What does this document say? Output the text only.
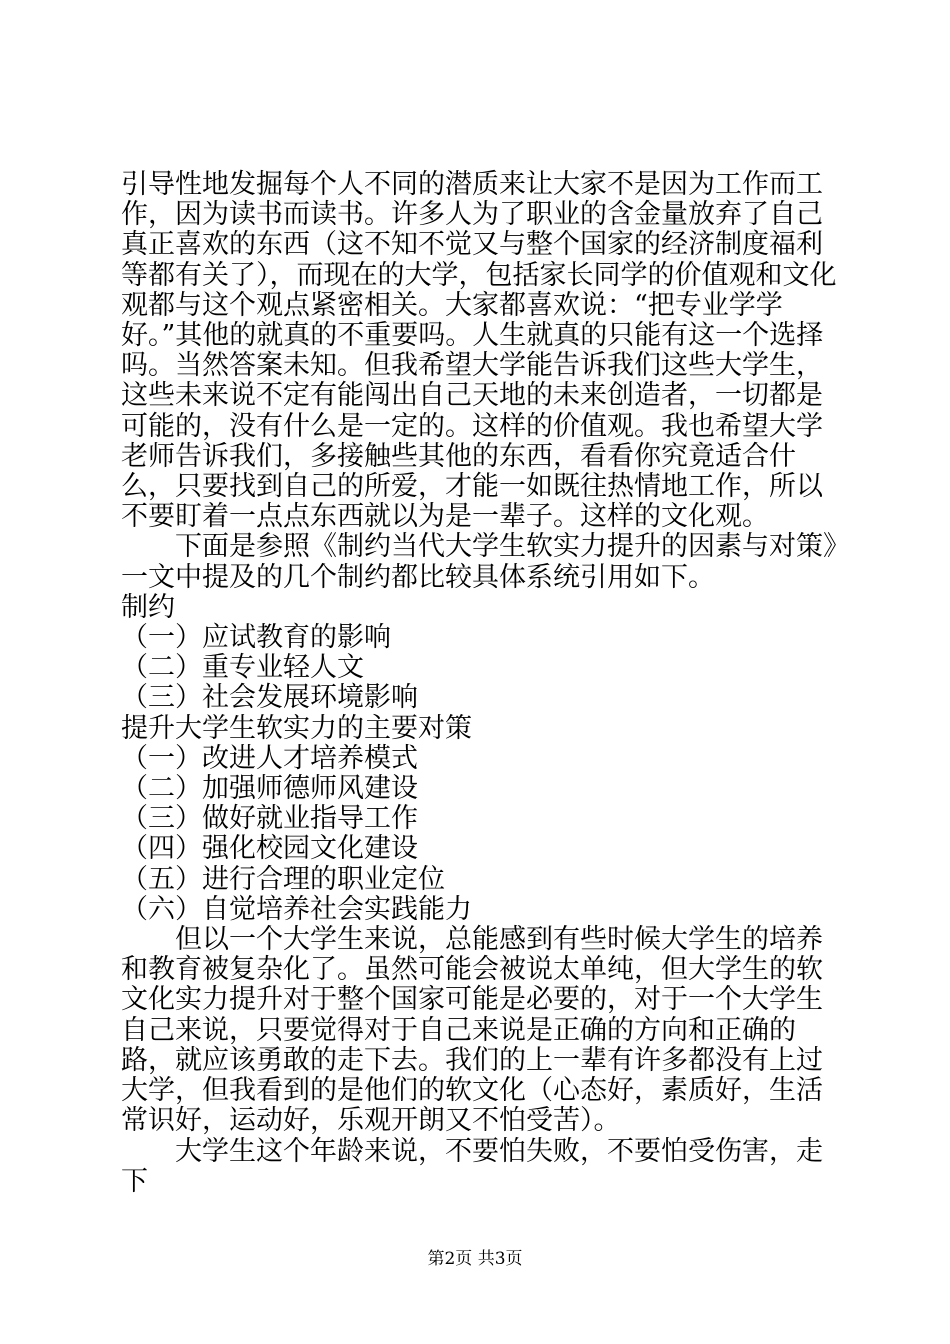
引导性地发掘每个人不同的潜质来让大家不是因为工作而工作，因为读书而读书。许多人为了职业的含金量放弃了自己真正喜欢的东西（这不知不觉又与整个国家的经济制度福利等都有关了），而现在的大学，包括家长同学的价值观和文化观都与这个观点紧密相关。大家都喜欢说：“把专业学学好。”其他的就真的不重要吗。人生就真的只能有这一个选择吗。当然答案未知。但我希望大学能告诉我们这些大学生，这些未来说不定有能闯出自己天地的未来创造者，一切都是可能的，没有什么是一定的。这样的价值观。我也希望大学老师告诉我们，多接触些其他的东西，看看你究竟适合什么，只要找到自己的所爱，才能一如既往热情地工作，所以不要盯着一点点东西就以为是一辈子。这样的文化观。

下面是参照《制约当代大学生软实力提升的因素与对策》一文中提及的几个制约都比较具体系统引用如下。

制约

（一）应试教育的影响

（二）重专业轻人文

（三）社会发展环境影响

提升大学生软实力的主要对策

（一）改进人才培养模式

（二）加强师德师风建设

（三）做好就业指导工作

（四）强化校园文化建设

（五）进行合理的职业定位

（六）自觉培养社会实践能力

但以一个大学生来说，总能感到有些时候大学生的培养和教育被复杂化了。虽然可能会被说太单纯，但大学生的软文化实力提升对于整个国家可能是必要的，对于一个大学生自己来说，只要觉得对于自己来说是正确的方向和正确的路，就应该勇敢的走下去。我们的上一辈有许多都没有上过大学，但我看到的是他们的软文化（心态好，素质好，生活常识好，运动好，乐观开朗又不怕受苦）。

大学生这个年龄来说，不要怕失败，不要怕受伤害，走下

第2页 共3页
